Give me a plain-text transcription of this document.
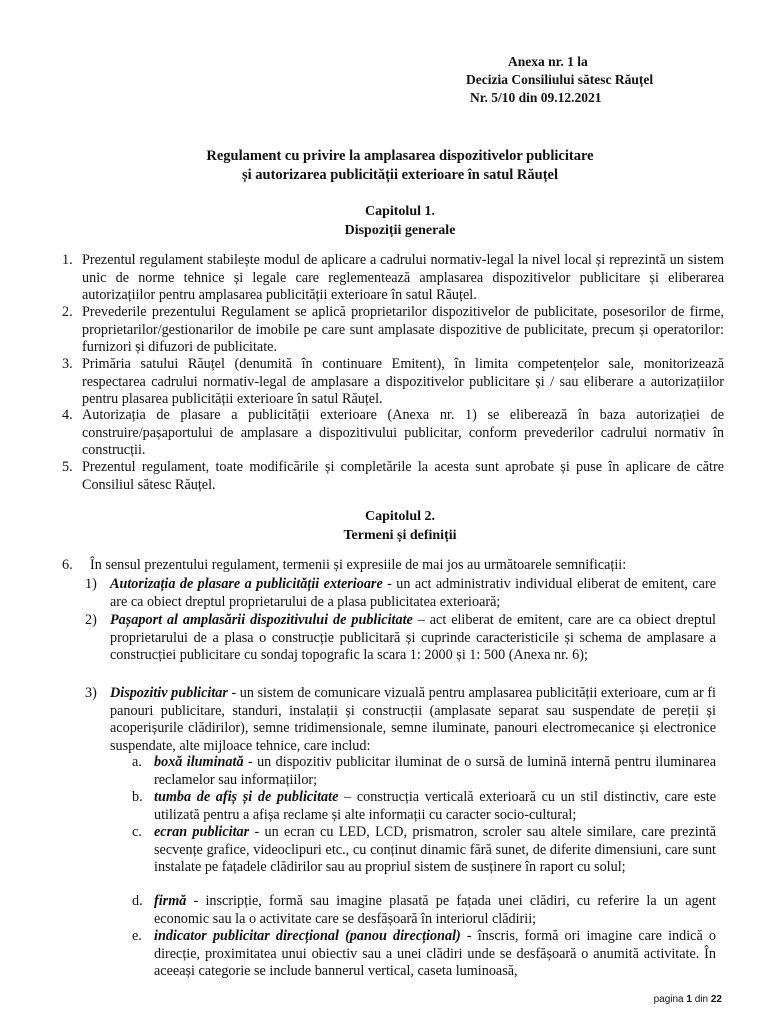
Anexa nr. 1 la
Decizia Consiliului sătesc Răuțel
Nr. 5/10 din 09.12.2021
Regulament cu privire la amplasarea dispozitivelor publicitare
și autorizarea publicității exterioare în satul Răuțel
Capitolul 1.
Dispoziții generale
1. Prezentul regulament stabilește modul de aplicare a cadrului normativ-legal la nivel local și reprezintă un sistem unic de norme tehnice și legale care reglementează amplasarea dispozitivelor publicitare și eliberarea autorizațiilor pentru amplasarea publicității exterioare în satul Răuțel.
2. Prevederile prezentului Regulament se aplică proprietarilor dispozitivelor de publicitate, posesorilor de firme, proprietarilor/gestionarilor de imobile pe care sunt amplasate dispozitive de publicitate, precum și operatorilor: furnizori și difuzori de publicitate.
3. Primăria satului Răuțel (denumită în continuare Emitent), în limita competențelor sale, monitorizează respectarea cadrului normativ-legal de amplasare a dispozitivelor publicitare și / sau eliberare a autorizațiilor pentru plasarea publicității exterioare în satul Răuțel.
4. Autorizația de plasare a publicității exterioare (Anexa nr. 1) se eliberează în baza autorizației de construire/pașaportului de amplasare a dispozitivului publicitar, conform prevederilor cadrului normativ în construcții.
5. Prezentul regulament, toate modificările și completările la acesta sunt aprobate și puse în aplicare de către Consiliul sătesc Răuțel.
Capitolul 2.
Termeni și definiții
6. În sensul prezentului regulament, termenii și expresiile de mai jos au următoarele semnificații:
1) Autorizația de plasare a publicității exterioare - un act administrativ individual eliberat de emitent, care are ca obiect dreptul proprietarului de a plasa publicitatea exterioară;
2) Pașaport al amplasării dispozitivului de publicitate – act eliberat de emitent, care are ca obiect dreptul proprietarului de a plasa o construcție publicitară și cuprinde caracteristicile și schema de amplasare a construcției publicitare cu sondaj topografic la scara 1: 2000 și 1: 500 (Anexa nr. 6);
3) Dispozitiv publicitar - un sistem de comunicare vizuală pentru amplasarea publicității exterioare, cum ar fi panouri publicitare, standuri, instalații și construcții (amplasate separat sau suspendate de pereții și acoperișurile clădirilor), semne tridimensionale, semne iluminate, panouri electromecanice și electronice suspendate, alte mijloace tehnice, care includ:
a. boxă iluminată - un dispozitiv publicitar iluminat de o sursă de lumină internă pentru iluminarea reclamelor sau informațiilor;
b. tumba de afiș și de publicitate – construcția verticală exterioară cu un stil distinctiv, care este utilizată pentru a afișa reclame și alte informații cu caracter socio-cultural;
c. ecran publicitar - un ecran cu LED, LCD, prismatron, scroler sau altele similare, care prezintă secvențe grafice, videoclipuri etc., cu conținut dinamic fără sunet, de diferite dimensiuni, care sunt instalate pe fațadele clădirilor sau au propriul sistem de susținere în raport cu solul;
d. firmă - inscripție, formă sau imagine plasată pe fațada unei clădiri, cu referire la un agent economic sau la o activitate care se desfășoară în interiorul clădirii;
e. indicator publicitar direcțional (panou direcțional) - înscris, formă ori imagine care indică o direcție, proximitatea unui obiectiv sau a unei clădiri unde se desfășoară o anumită activitate. În aceeași categorie se include bannerul vertical, caseta luminoasă,
pagina 1 din 22
